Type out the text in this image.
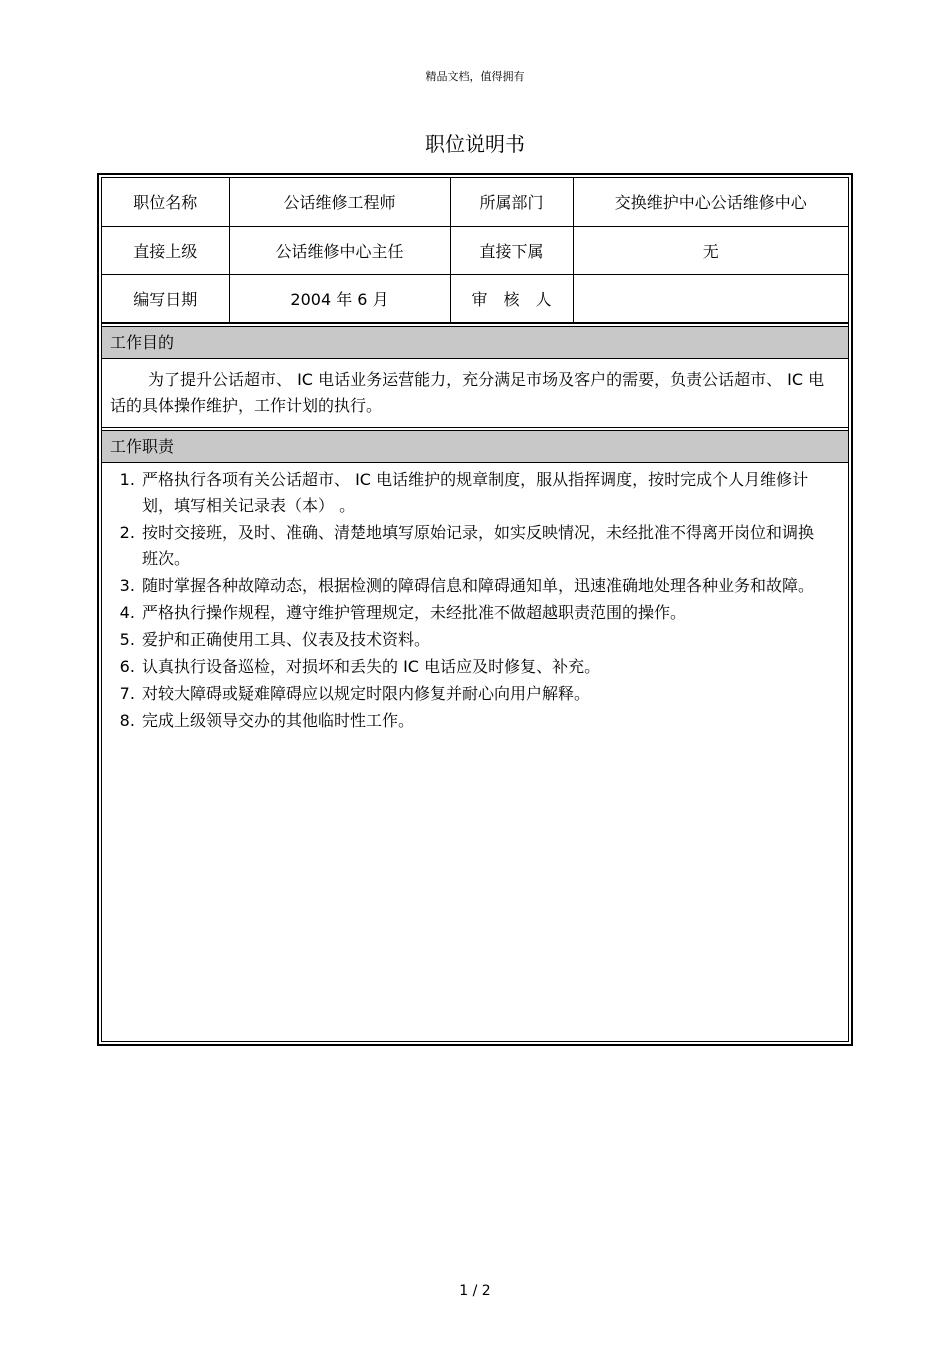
精品文档，值得拥有
职位说明书
职位名称	公话维修工程师	所属部门	交换维护中心公话维修中心
直接上级	公话维修中心主任	直接下属	无
编写日期	2004 年 6 月	审　核　人	
工作目的
为了提升公话超市、 IC 电话业务运营能力，充分满足市场及客户的需要，负责公话超市、 IC 电话的具体操作维护，工作计划的执行。
工作职责
1. 严格执行各项有关公话超市、 IC 电话维护的规章制度，服从指挥调度，按时完成个人月维修计划，填写相关记录表（本） 。
2. 按时交接班，及时、准确、清楚地填写原始记录，如实反映情况，未经批准不得离开岗位和调换班次。
3. 随时掌握各种故障动态，根据检测的障碍信息和障碍通知单，迅速准确地处理各种业务和故障。
4. 严格执行操作规程，遵守维护管理规定，未经批准不做超越职责范围的操作。
5. 爱护和正确使用工具、仪表及技术资料。
6. 认真执行设备巡检，对损坏和丢失的 IC 电话应及时修复、补充。
7. 对较大障碍或疑难障碍应以规定时限内修复并耐心向用户解释。
8. 完成上级领导交办的其他临时性工作。
1 / 2
